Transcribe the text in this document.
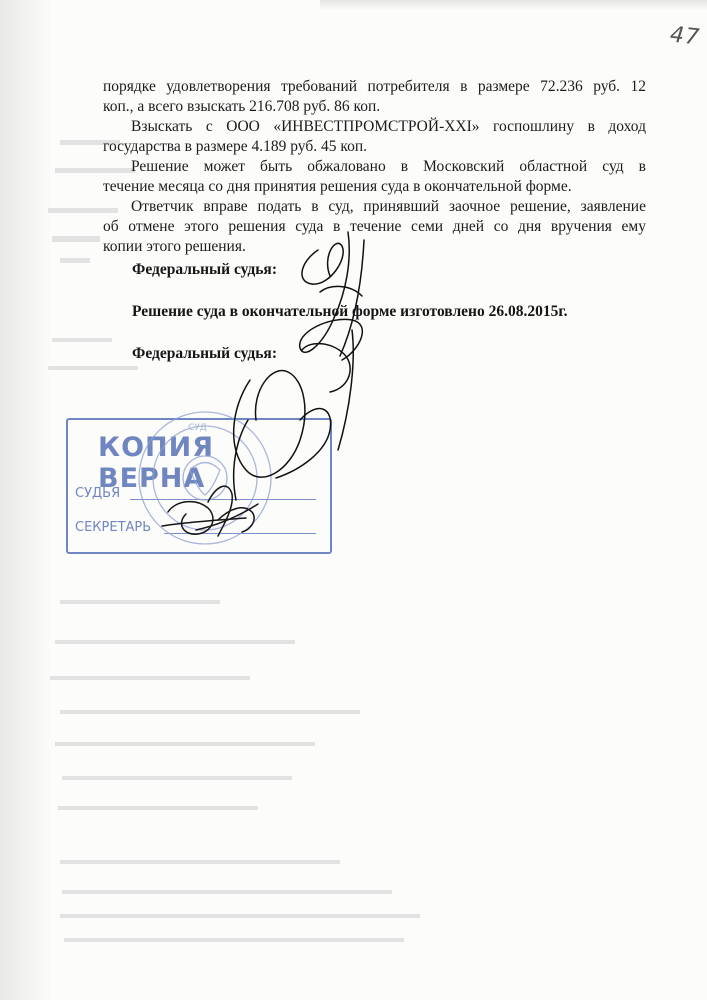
47
порядке удовлетворения требований потребителя в размере 72.236 руб. 12
коп., а всего взыскать 216.708 руб. 86 коп.
Взыскать с ООО «ИНВЕСТПРОМСТРОЙ-XXI» госпошлину в доход
государства в размере 4.189 руб. 45 коп.
Решение может быть обжаловано в Московский областной суд в
течение месяца со дня принятия решения суда в окончательной форме.
Ответчик вправе подать в суд, принявший заочное решение, заявление
об отмене этого решения суда в течение семи дней со дня вручения ему
копии этого решения.
Федеральный судья:
Решение суда в окончательной форме изготовлено 26.08.2015г.
Федеральный судья:
КОПИЯ ВЕРНА
СУДЬЯ
СЕКРЕТАРЬ
СУД
